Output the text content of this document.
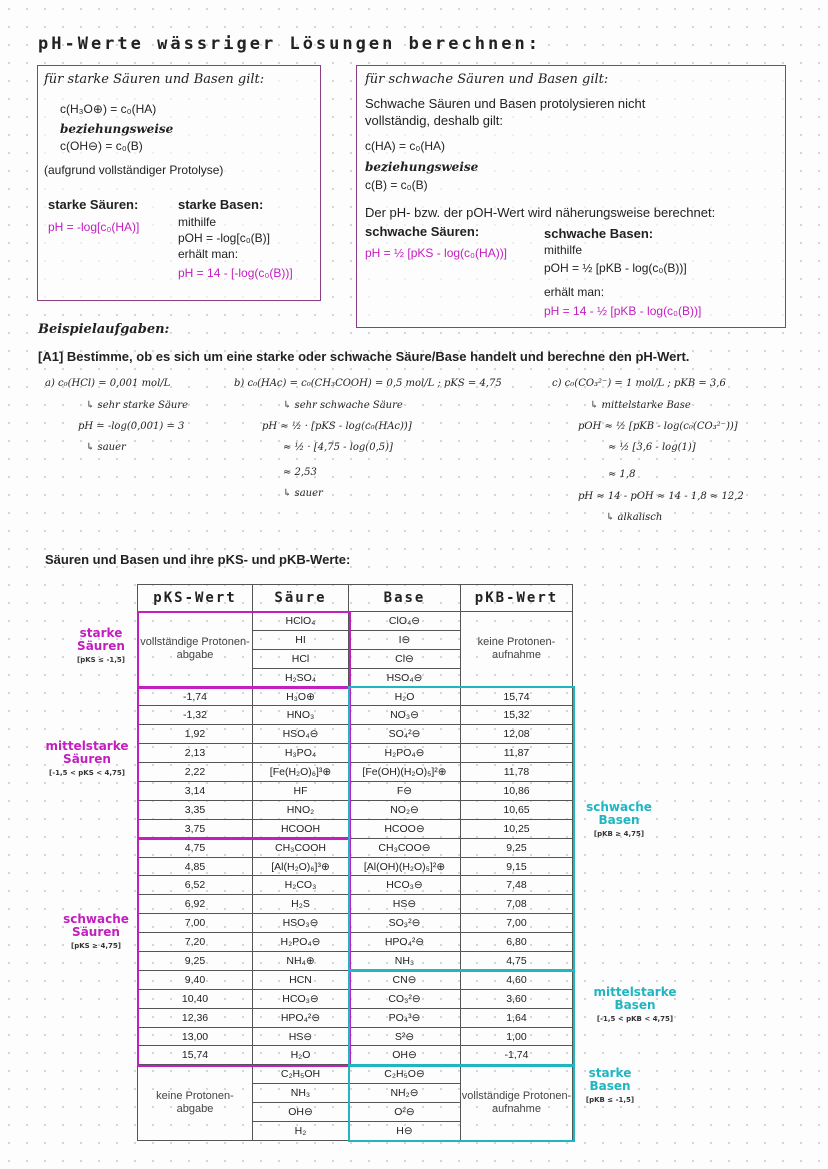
pH-Werte wässriger Lösungen berechnen:
für starke Säuren und Basen gilt:
c(H₃O⊕) = c₀(HA)
beziehungsweise
c(OH⊖) = c₀(B)
(aufgrund vollständiger Protolyse)
starke Säuren:
pH = -log[c₀(HA)]
starke Basen:
mithilfe
pOH = -log[c₀(B)]
erhält man:
pH = 14 - [-log(c₀(B))]
für schwache Säuren und Basen gilt:
Schwache Säuren und Basen protolysieren nicht
vollständig, deshalb gilt:
c(HA) = c₀(HA)
beziehungsweise
c(B) = c₀(B)
Der pH- bzw. der pOH-Wert wird näherungsweise berechnet:
schwache Säuren:
pH = ½ [pKS - log(c₀(HA))]
schwache Basen:
mithilfe
pOH = ½ [pKB - log(c₀(B))]
erhält man:
pH = 14 - ½ [pKB - log(c₀(B))]
Beispielaufgaben:
[A1] Bestimme, ob es sich um eine starke oder schwache Säure/Base handelt und berechne den pH-Wert.
a) c₀(HCl) = 0,001 mol/L
↳ sehr starke Säure
pH = -log(0,001) = 3
↳ sauer
b) c₀(HAc) = c₀(CH₃COOH) = 0,5 mol/L ; pKS = 4,75
↳ sehr schwache Säure
pH ≈ ½ · [pKS - log(c₀(HAc))]
≈ ½ · [4,75 - log(0,5)]
≈ 2,53
↳ sauer
c) c₀(CO₃²⁻) = 1 mol/L ; pKB = 3,6
↳ mittelstarke Base
pOH ≈ ½ [pKB - log(c₀(CO₃²⁻))]
≈ ½ [3,6 - log(1)]
≈ 1,8
pH ≈ 14 - pOH ≈ 14 - 1,8 ≈ 12,2
↳ alkalisch
Säuren und Basen und ihre pKS- und pKB-Werte:
pKS-Wert	Säure	Base	pKB-Wert
vollständige Protonen-abgabe	HClO₄	ClO₄⊖	keine Protonen-aufnahme
	HI	I⊖	
	HCl	Cl⊖	
	H₂SO₄	HSO₄⊖	
-1,74	H₃O⊕	H₂O	15,74
-1,32	HNO₃	NO₃⊖	15,32
1,92	HSO₄⊖	SO₄²⊖	12,08
2,13	H₃PO₄	H₂PO₄⊖	11,87
2,22	[Fe(H₂O)₆]³⊕	[Fe(OH)(H₂O)₅]²⊕	11,78
3,14	HF	F⊖	10,86
3,35	HNO₂	NO₂⊖	10,65
3,75	HCOOH	HCOO⊖	10,25
4,75	CH₃COOH	CH₃COO⊖	9,25
4,85	[Al(H₂O)₆]³⊕	[Al(OH)(H₂O)₅]²⊕	9,15
6,52	H₂CO₃	HCO₃⊖	7,48
6,92	H₂S	HS⊖	7,08
7,00	HSO₃⊖	SO₃²⊖	7,00
7,20	H₂PO₄⊖	HPO₄²⊖	6,80
9,25	NH₄⊕	NH₃	4,75
9,40	HCN	CN⊖	4,60
10,40	HCO₃⊖	CO₃²⊖	3,60
12,36	HPO₄²⊖	PO₄³⊖	1,64
13,00	HS⊖	S²⊖	1,00
15,74	H₂O	OH⊖	-1,74
keine Protonen-abgabe	C₂H₅OH	C₂H₅O⊖	vollständige Protonen-aufnahme
	NH₃	NH₂⊖	
	OH⊖	O²⊖	
	H₂	H⊖	
starke Säuren
[pKS ≤ -1,5]
mittelstarke Säuren
[-1,5 < pKS < 4,75]
schwache Säuren
[pKS ≥ 4,75]
schwache Basen
[pKB ≥ 4,75]
mittelstarke Basen
[-1,5 < pKB < 4,75]
starke Basen
[pKB ≤ -1,5]
